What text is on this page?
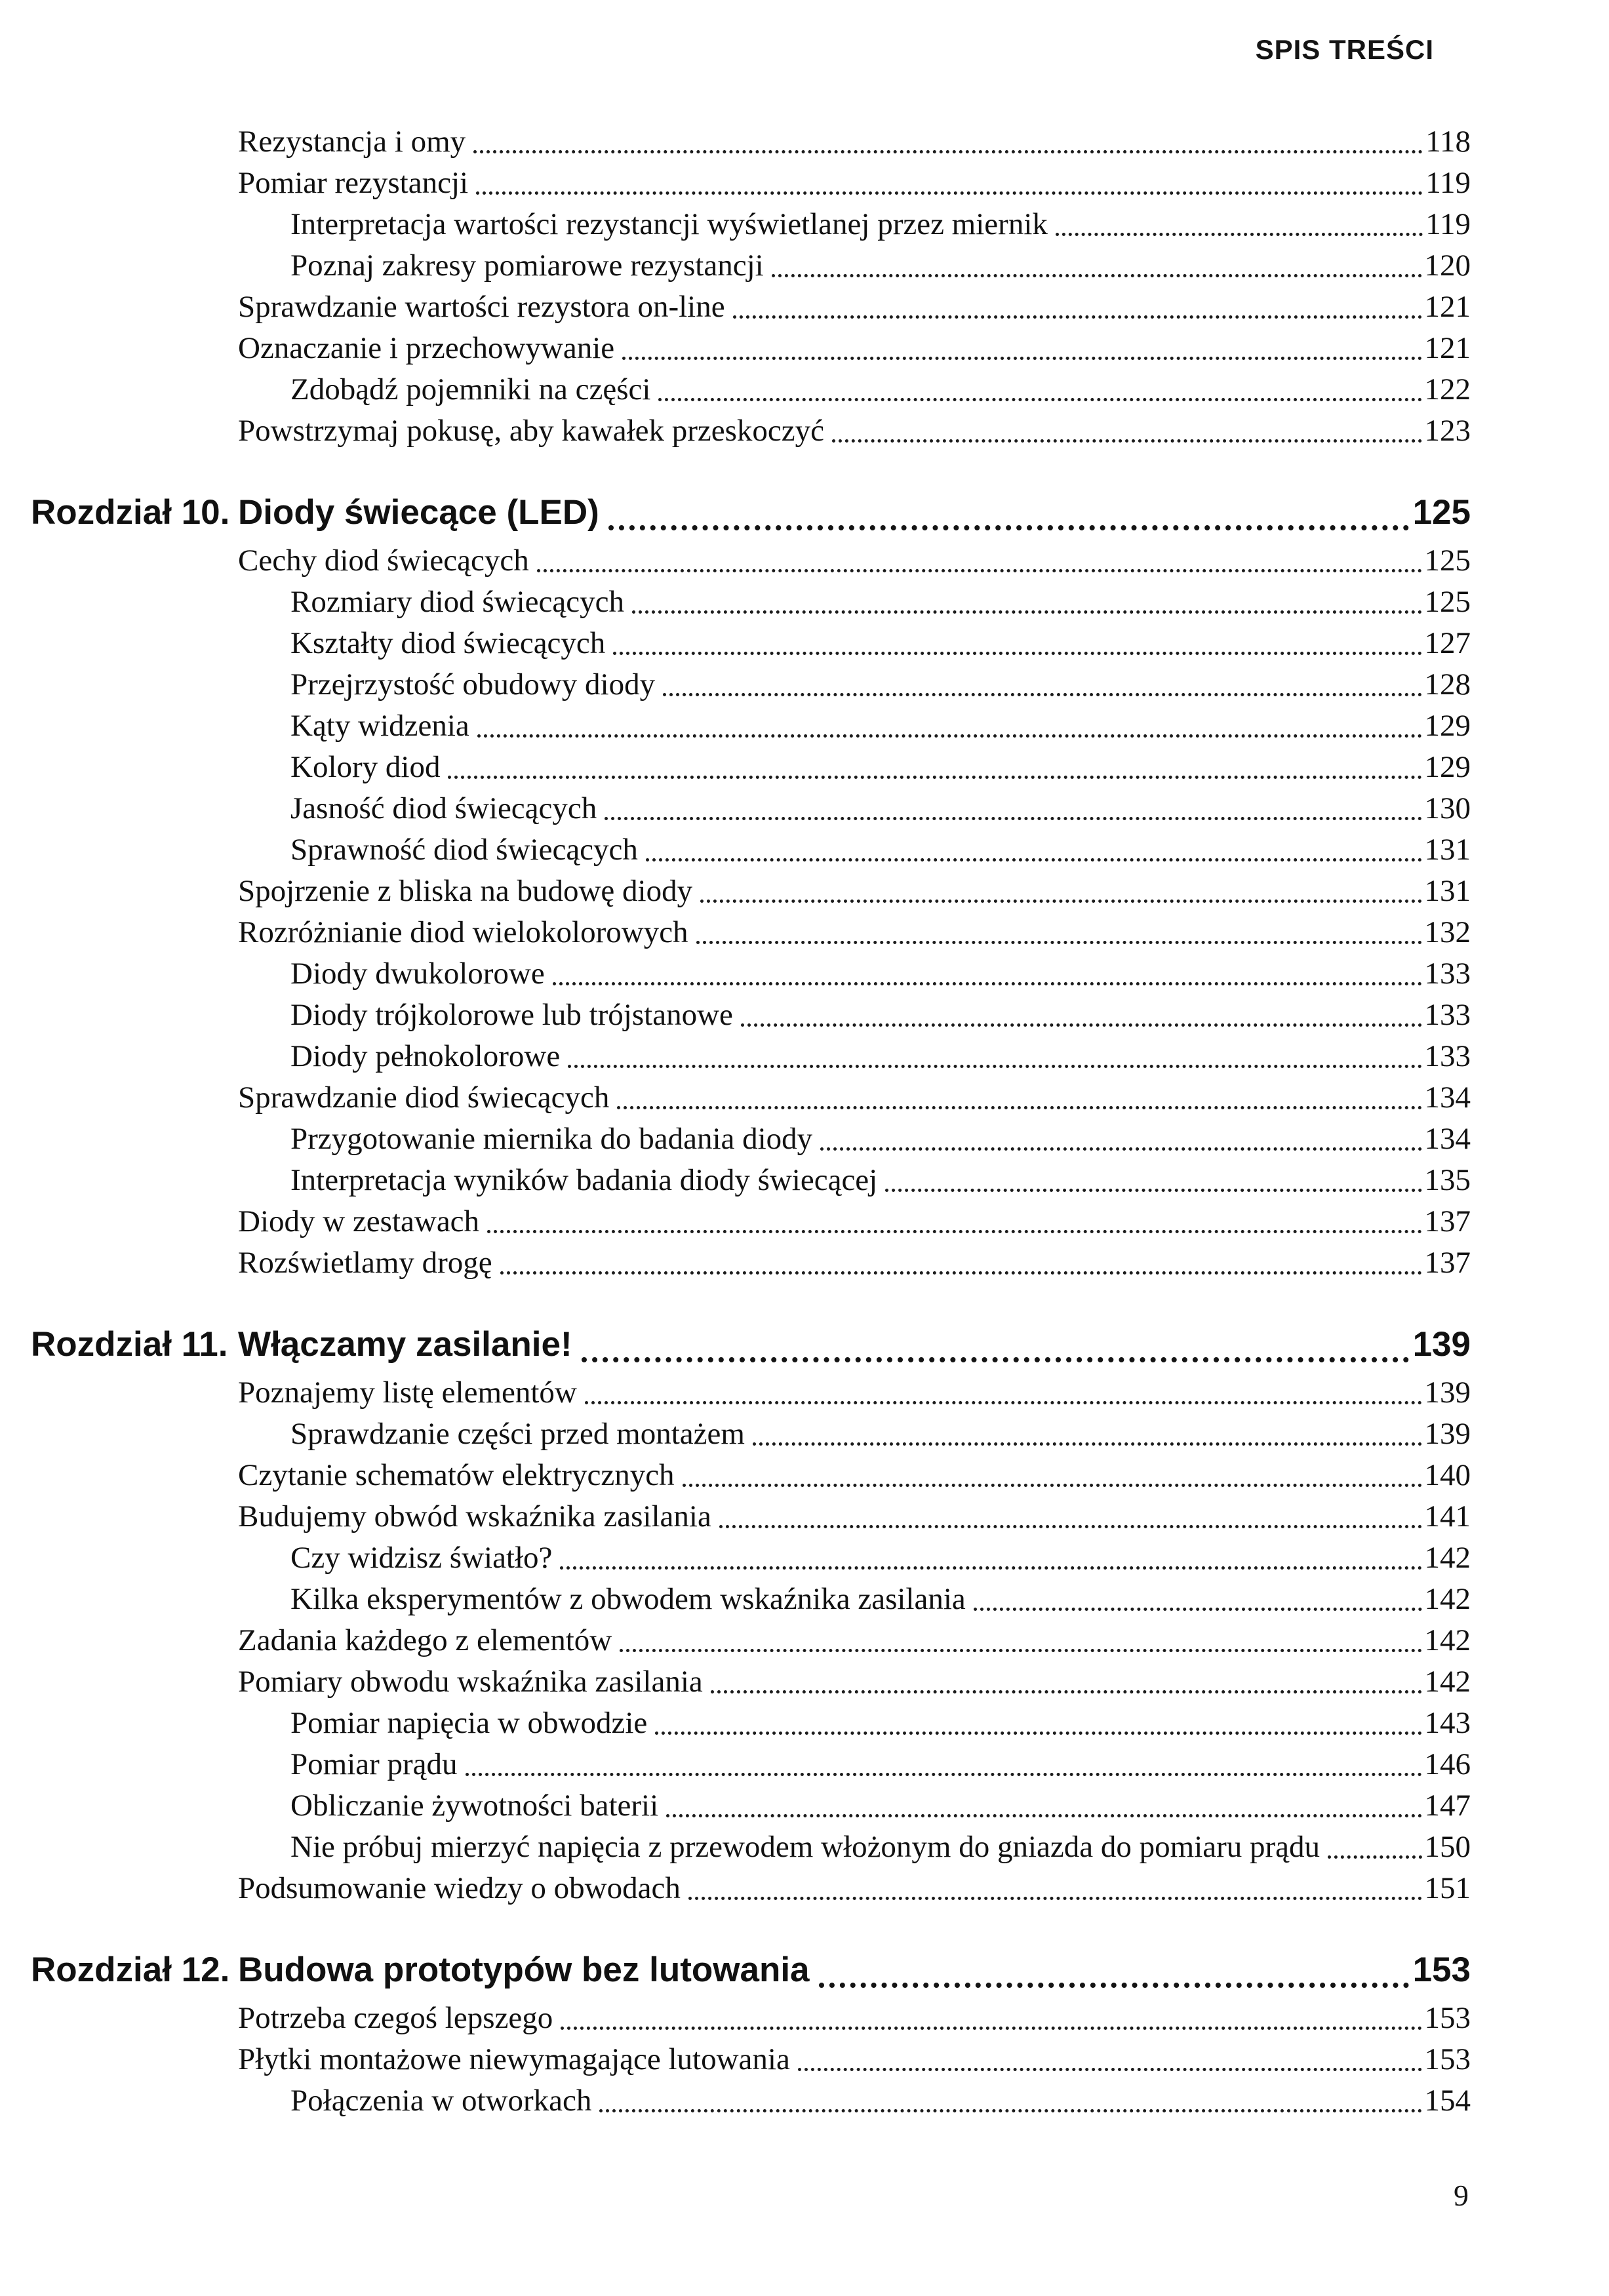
SPIS TREŚCI
Rezystancja i omy	118
Pomiar rezystancji	119
Interpretacja wartości rezystancji wyświetlanej przez miernik	119
Poznaj zakresy pomiarowe rezystancji	120
Sprawdzanie wartości rezystora on-line	121
Oznaczanie i przechowywanie	121
Zdobądź pojemniki na części	122
Powstrzymaj pokusę, aby kawałek przeskoczyć	123
Rozdział 10. Diody świecące (LED)	125
Cechy diod świecących	125
Rozmiary diod świecących	125
Kształty diod świecących	127
Przejrzystość obudowy diody	128
Kąty widzenia	129
Kolory diod	129
Jasność diod świecących	130
Sprawność diod świecących	131
Spojrzenie z bliska na budowę diody	131
Rozróżnianie diod wielokolorowych	132
Diody dwukolorowe	133
Diody trójkolorowe lub trójstanowe	133
Diody pełnokolorowe	133
Sprawdzanie diod świecących	134
Przygotowanie miernika do badania diody	134
Interpretacja wyników badania diody świecącej	135
Diody w zestawach	137
Rozświetlamy drogę	137
Rozdział 11. Włączamy zasilanie!	139
Poznajemy listę elementów	139
Sprawdzanie części przed montażem	139
Czytanie schematów elektrycznych	140
Budujemy obwód wskaźnika zasilania	141
Czy widzisz światło?	142
Kilka eksperymentów z obwodem wskaźnika zasilania	142
Zadania każdego z elementów	142
Pomiary obwodu wskaźnika zasilania	142
Pomiar napięcia w obwodzie	143
Pomiar prądu	146
Obliczanie żywotności baterii	147
Nie próbuj mierzyć napięcia z przewodem włożonym do gniazda do pomiaru prądu	150
Podsumowanie wiedzy o obwodach	151
Rozdział 12. Budowa prototypów bez lutowania	153
Potrzeba czegoś lepszego	153
Płytki montażowe niewymagające lutowania	153
Połączenia w otworkach	154
9
